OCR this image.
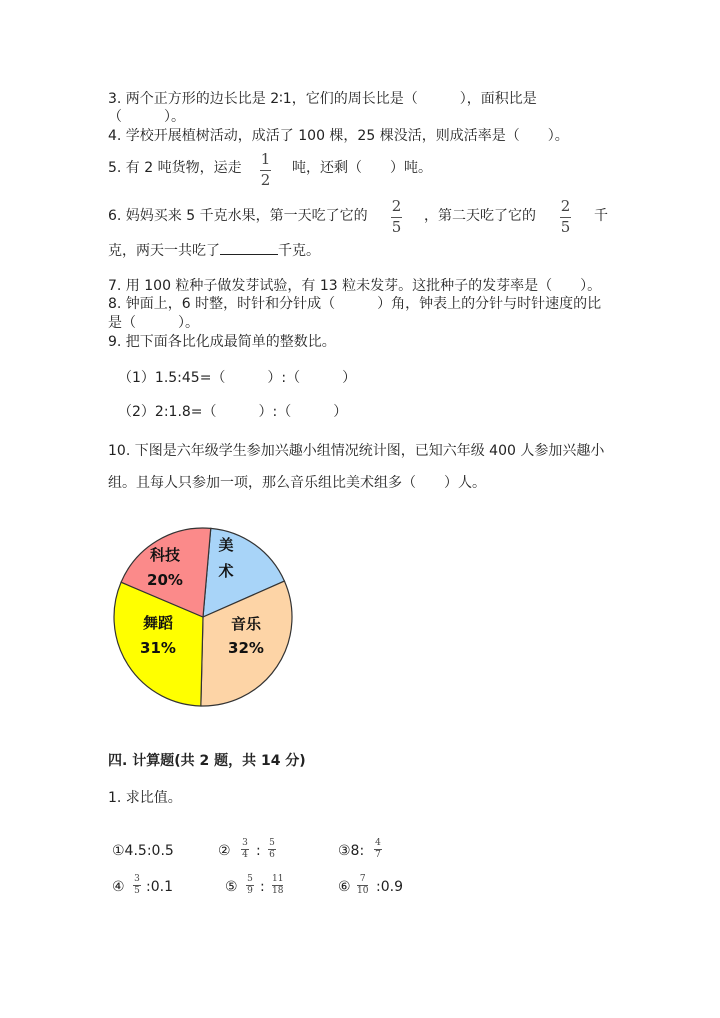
3. 两个正方形的边长比是 2∶1，它们的周长比是（　　　），面积比是
（　　　）。
4. 学校开展植树活动，成活了 100 棵，25 棵没活，则成活率是（　　）。
5. 有 2 吨货物，运走 1
2
吨，还剩（　　）吨。
6. 妈妈买来 5 千克水果，第一天吃了它的
2
5
，第二天吃了它的
2
5
千
克，两天一共吃了	千克。
7. 用 100 粒种子做发芽试验，有 13 粒未发芽。这批种子的发芽率是（　　）。
8. 钟面上，6 时整，时针和分针成（　　　）角，钟表上的分针与时针速度的比
是（　　　）。
9. 把下面各比化成最简单的整数比。
（1）1.5:45=（　　　）:（　　　）
（2）2:1.8=（　　　）:（　　　）
10. 下图是六年级学生参加兴趣小组情况统计图，已知六年级 400 人参加兴趣小
组。且每人只参加一项，那么音乐组比美术组多（　　）人。
美
术
音乐
32%
舞蹈
31%
科技
20%
四. 计算题(共 2 题，共 14 分)
1. 求比值。
①4.5:0.5	② 3
4 : 5
6	③8: 4
7
④ 3
5 :0.1	⑤ 5
9 : 11
18	⑥ 7
10 :0.9
